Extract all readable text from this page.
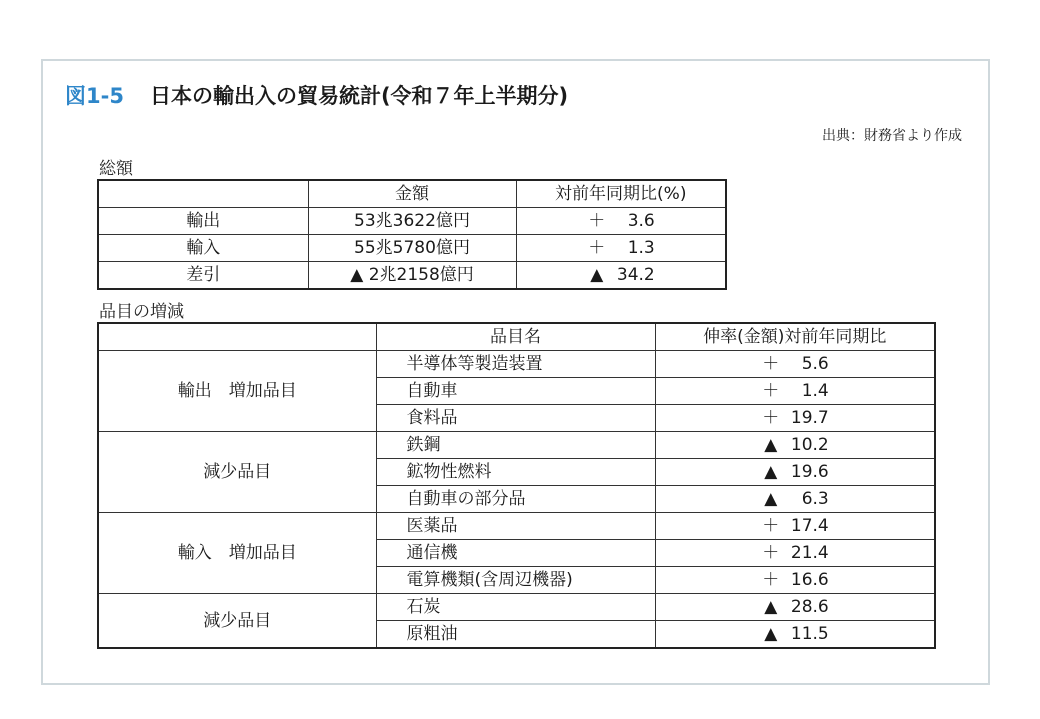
図1-5 日本の輸出入の貿易統計(令和７年上半期分)
出典：財務省より作成
総額
	金額	対前年同期比(%)
輸出	53兆3622億円	＋ 3.6
輸入	55兆5780億円	＋ 1.3
差引	▲ 2兆2158億円	▲ 34.2
品目の増減
	品目名	伸率(金額)対前年同期比
輸出　増加品目	半導体等製造装置	＋ 5.6
	自動車	＋ 1.4
	食料品	＋ 19.7
減少品目	鉄鋼	▲ 10.2
	鉱物性燃料	▲ 19.6
	自動車の部分品	▲ 6.3
輸入　増加品目	医薬品	＋ 17.4
	通信機	＋ 21.4
	電算機類(含周辺機器)	＋ 16.6
減少品目	石炭	▲ 28.6
	原粗油	▲ 11.5
